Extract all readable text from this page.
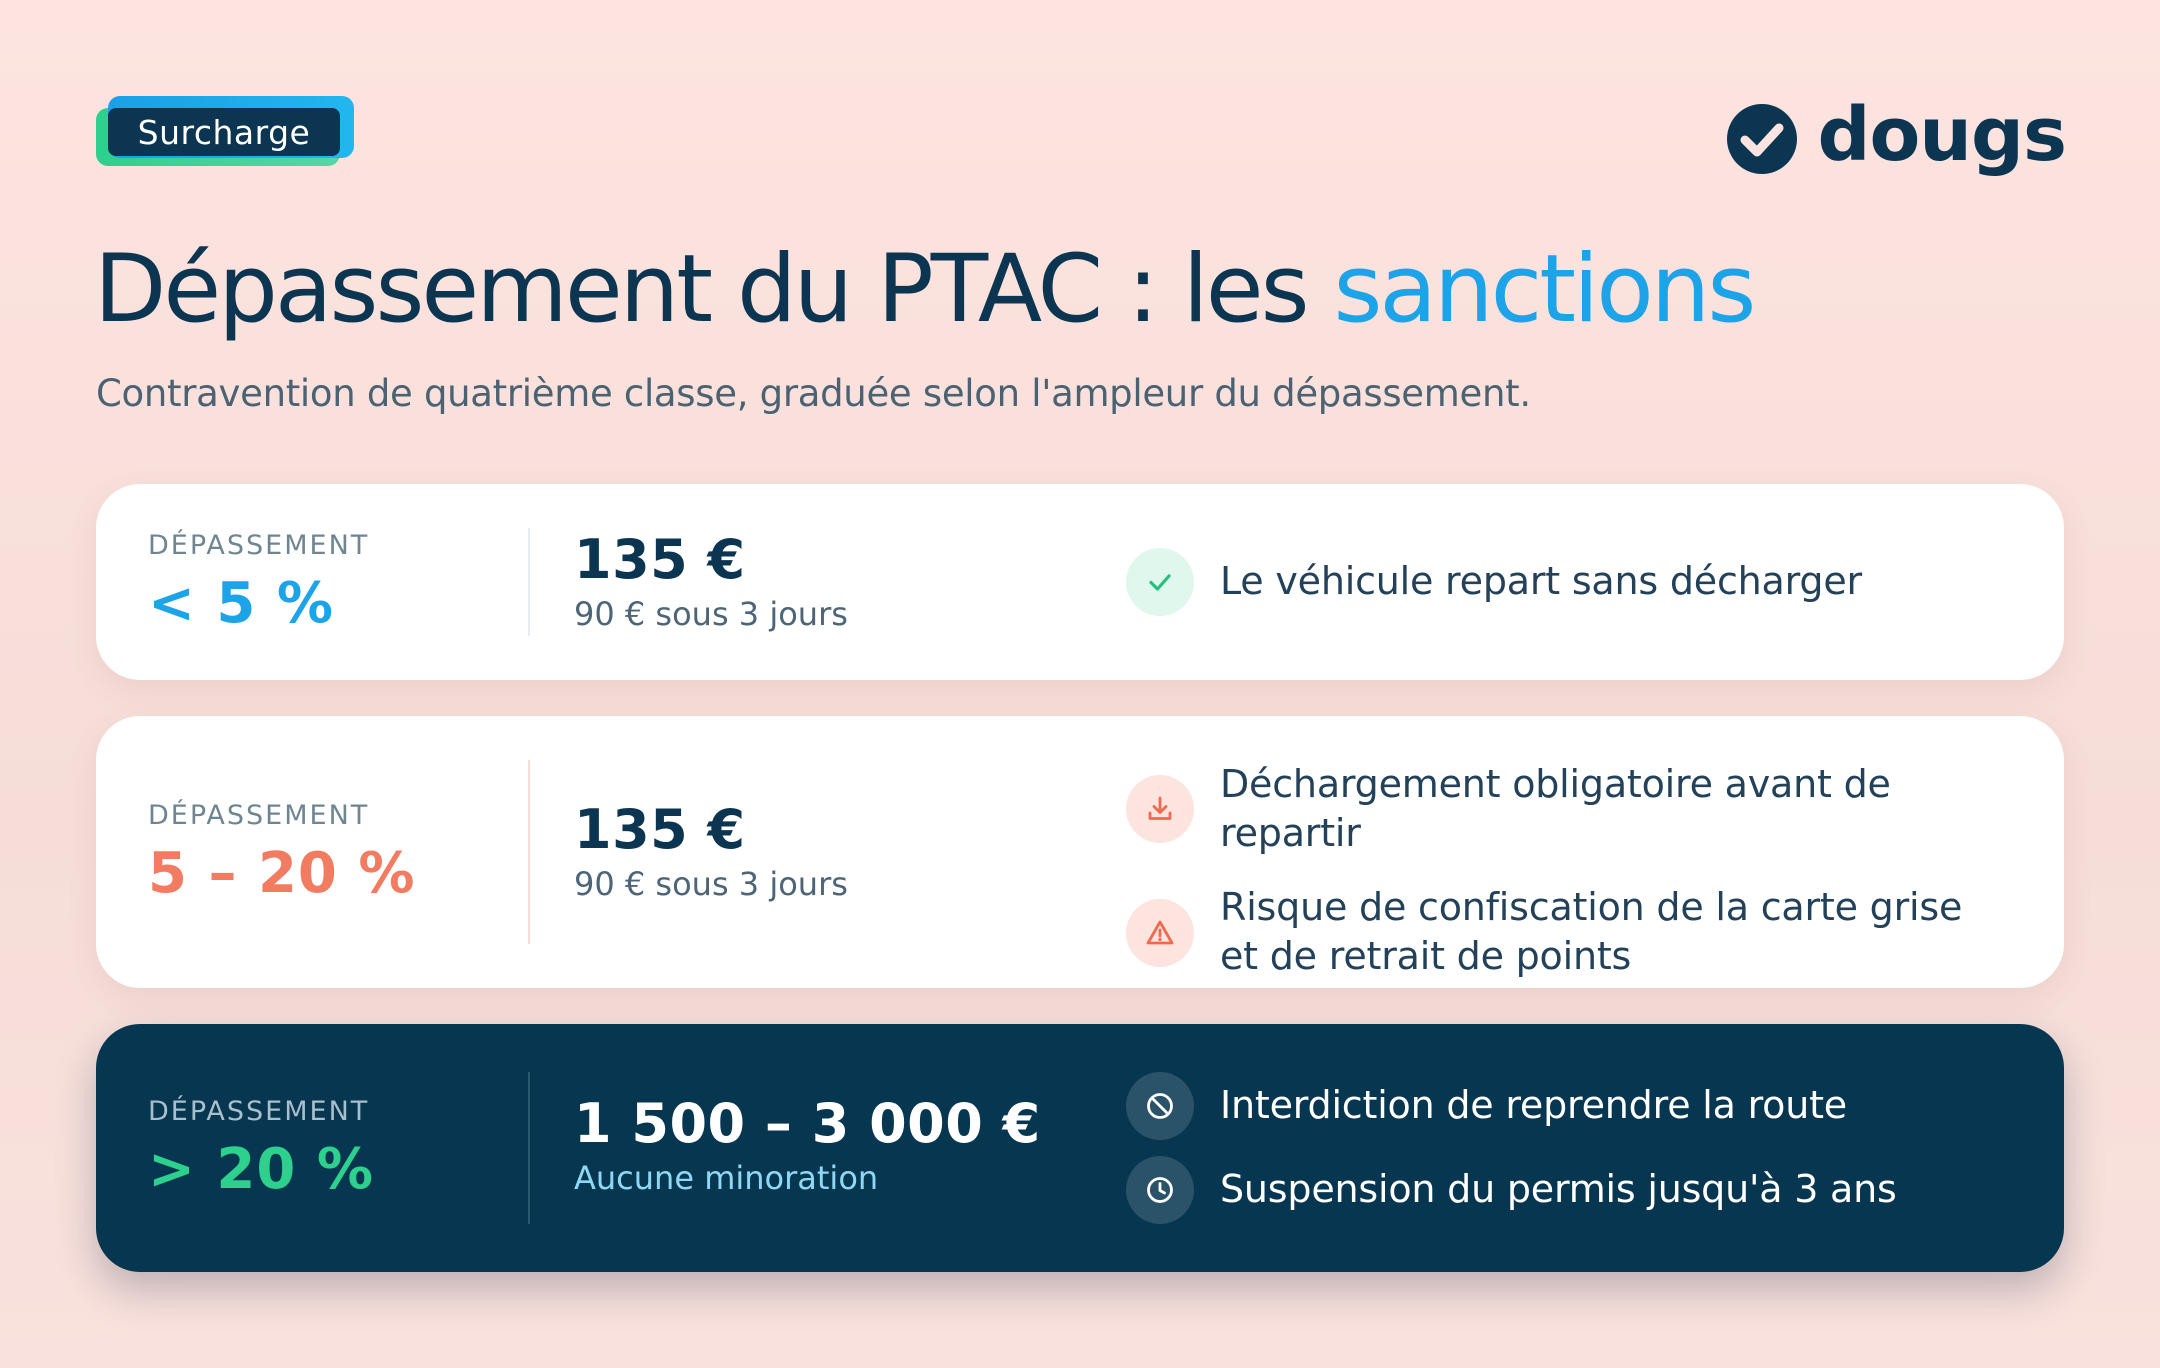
Surcharge	dougs
Dépassement du PTAC : les sanctions
Contravention de quatrième classe, graduée selon l'ampleur du dépassement.
DÉPASSEMENT
< 5 %
135 €
90 € sous 3 jours
Le véhicule repart sans décharger
DÉPASSEMENT
5 – 20 %
135 €
90 € sous 3 jours
Déchargement obligatoire avant de repartir
Risque de confiscation de la carte grise et de retrait de points
DÉPASSEMENT
> 20 %
1 500 – 3 000 €
Aucune minoration
Interdiction de reprendre la route
Suspension du permis jusqu'à 3 ans
